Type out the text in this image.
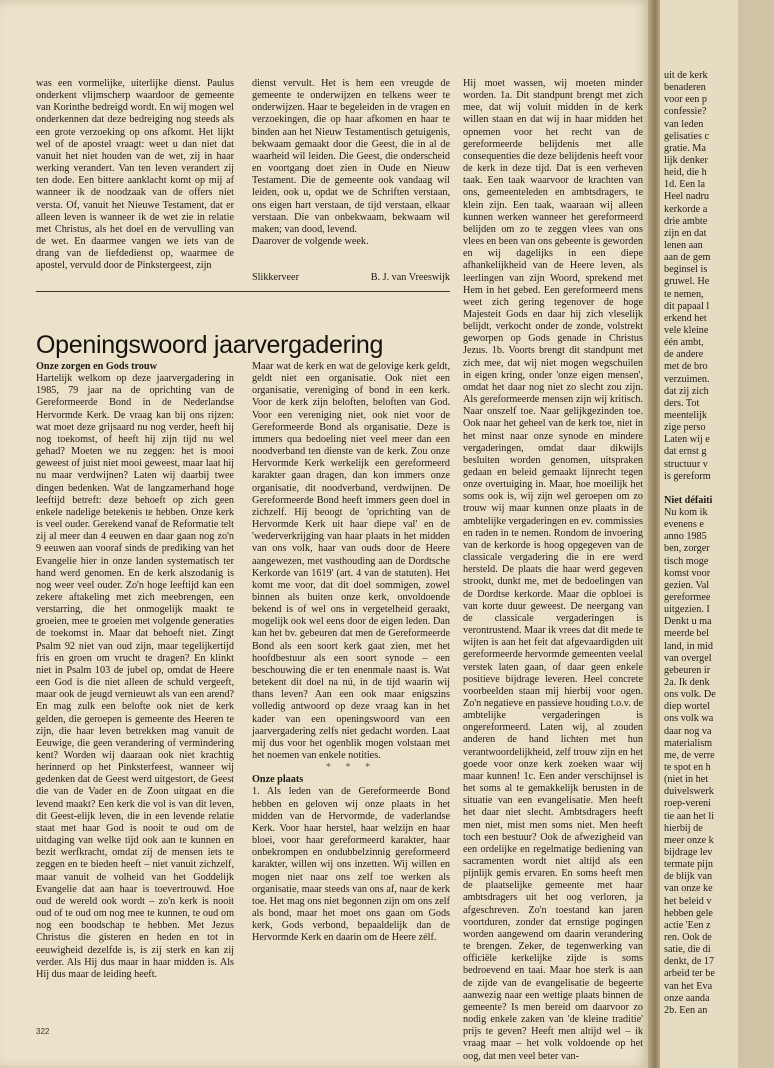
was een vormelijke, uiterlijke dienst. Paulus onderkent vlijmscherp waardoor de gemeente van Korinthe bedreigd wordt. En wij mogen wel onderkennen dat deze bedreiging nog steeds als een grote verzoeking op ons afkomt. Het lijkt wel of de apostel vraagt: weet u dan niet dat vanuit het niet houden van de wet, zij in haar werking verandert. Van ten leven verandert zij ten dode. Een bittere aanklacht komt op mij af wanneer ik de noodzaak van de offers niet versta. Of, vanuit het Nieuwe Testament, dat er alleen leven is wanneer ik de wet zie in relatie met Christus, als het doel en de vervulling van de wet. En daarmee vangen we iets van de drang van de liefdedienst op, waarmee de apostel, vervuld door de Pinkstergeest, zijn

dienst vervult. Het is hem een vreugde de gemeente te onderwijzen en telkens weer te onderwijzen. Haar te begeleiden in de vragen en verzoekingen, die op haar afkomen en haar te binden aan het Nieuw Testamentisch getuigenis, bekwaam gemaakt door die Geest, die in al de waarheid wil leiden. Die Geest, die onderscheid en voortgang doet zien in Oude en Nieuw Testament. Die de gemeente ook vandaag wil leiden, ook u, opdat we de Schriften verstaan, ons eigen hart verstaan, de tijd verstaan, elkaar verstaan. Die van onbekwaam, bekwaam wil maken; van dood, levend.

Daarover de volgende week.

Slikkerveer	B. J. van Vreeswijk
Openingswoord jaarvergadering

Onze zorgen en Gods trouw

Hartelijk welkom op deze jaarvergadering in 1985, 79 jaar na de oprichting van de Gereformeerde Bond in de Nederlandse Hervormde Kerk. De vraag kan bij ons rijzen: wat moet deze grijsaard nu nog verder, heeft hij nog toekomst, of heeft hij zijn tijd nu wel gehad? Moeten we nu zeggen: het is mooi geweest of juist niet mooi geweest, maar laat hij nu maar verdwijnen? Laten wij daarbij twee dingen bedenken. Wat de langzamerhand hoge leeftijd betreft: deze behoeft op zich geen enkele nadelige betekenis te hebben. Onze kerk is veel ouder. Gerekend vanaf de Reformatie telt zij al meer dan 4 eeuwen en daar gaan nog zo'n 9 eeuwen aan vooraf sinds de prediking van het Evangelie hier in onze landen systematisch ter hand werd genomen. En de kerk alszodanig is nog weer veel ouder. Zo'n hoge leeftijd kan een zekere aftakeling met zich meebrengen, een verstarring, die het onmogelijk maakt te groeien, mee te groeien met volgende generaties de toekomst in. Maar dat behoeft niet. Zingt Psalm 92 niet van oud zijn, maar tegelijkertijd fris en groen om vrucht te dragen? En klinkt niet in Psalm 103 de jubel op, omdat de Heere een God is die niet alleen de schuld vergeeft, maar ook de jeugd vernieuwt als van een arend? En mag zulk een belofte ook niet de kerk gelden, die geroepen is gemeente des Heeren te zijn, die haar leven betrekken mag vanuit de Eeuwige, die geen verandering of vermindering kent? Worden wij daaraan ook niet krachtig herinnerd op het Pinksterfeest, wanneer wij gedenken dat de Geest werd uitgestort, de Geest die van de Vader en de Zoon uitgaat en die levend maakt? Een kerk die vol is van dit leven, dit Geest-elijk leven, die in een levende relatie staat met haar God is nooit te oud om de uitdaging van welke tijd ook aan te kunnen en bezit werfkracht, omdat zij de mensen iets te zeggen en te bieden heeft – niet vanuit zichzelf, maar vanuit de volheid van het Goddelijk Evangelie dat aan haar is toevertrouwd. Hoe oud de wereld ook wordt – zo'n kerk is nooit oud of te oud om nog mee te kunnen, te oud om nog een boodschap te hebben. Met Jezus Christus die gisteren en heden en tot in eeuwigheid dezelfde is, is zij sterk en kan zij verder. Als Hij dus maar in haar midden is. Als Hij dus maar de leiding heeft.

Maar wat de kerk en wat de gelovige kerk geldt, geldt niet een organisatie. Ook niet een organisatie, vereniging of bond in een kerk. Voor de kerk zijn beloften, beloften van God. Voor een vereniging niet, ook niet voor de Gereformeerde Bond als organisatie. Deze is immers qua bedoeling niet veel meer dan een noodverband ten dienste van de kerk. Zou onze Hervormde Kerk werkelijk een gereformeerd karakter gaan dragen, dan kon immers onze organisatie, dit noodverband, verdwijnen. De Gereformeerde Bond heeft immers geen doel in zichzelf. Hij beoogt de 'oprichting van de Hervormde Kerk uit haar diepe val' en de 'wederverkrijging van haar plaats in het midden van ons volk, haar van ouds door de Heere aangewezen, met vasthouding aan de Dordtsche Kerkorde van 1619' (art. 4 van de statuten). Het komt me voor, dat dit doel sommigen, zowel binnen als buiten onze kerk, onvoldoende bekend is of wel ons in vergetelheid geraakt, mogelijk ook wel eens door de eigen leden. Dan kan het bv. gebeuren dat men de Gereformeerde Bond als een soort kerk gaat zien, met het hoofdbestuur als een soort synode – een beschouwing die er ten enenmale naast is. Wat betekent dit doel na nú, in de tijd waarin wij thans leven? Aan een ook maar enigszins volledig antwoord op deze vraag kan in het kader van een openingswoord van een jaarvergadering zelfs niet gedacht worden. Laat mij dus voor het ogenblik mogen volstaan met het noemen van enkele notities.

* * *

Onze plaats

1. Als leden van de Gereformeerde Bond hebben en geloven wij onze plaats in het midden van de Hervormde, de vaderlandse Kerk. Voor haar herstel, haar welzijn en haar bloei, voor haar gereformeerd karakter, haar onbekrompen en ondubbelzinnig gereformeerd karakter, willen wij ons inzetten. Wij willen en mogen niet naar ons zelf toe werken als organisatie, maar steeds van ons af, naar de kerk toe. Het mag ons niet begonnen zijn om ons zelf als bond, maar het moet ons gaan om Gods kerk, Gods verbond, bepaaldelijk dan de Hervormde Kerk en daarin om de Heere zélf.

Hij moet wassen, wij moeten minder worden. 1a. Dit standpunt brengt met zich mee, dat wij voluit midden in de kerk willen staan en dat wij in haar midden het opnemen voor het recht van de gereformeerde belijdenis met alle consequenties die deze belijdenis heeft voor de kerk in deze tijd. Dat is een verheven taak. Een taak waarvoor de krachten van ons, gemeenteleden en ambtsdragers, te klein zijn. Een taak, waaraan wij alleen kunnen werken wanneer het gereformeerd belijden om zo te zeggen vlees van ons vlees en been van ons gebeente is geworden en wij dagelijks in een diepe afhankelijkheid van de Heere leven, als leerlingen van zijn Woord, sprekend met Hem in het gebed. Een gereformeerd mens weet zich gering tegenover de hoge Majesteit Gods en daar hij zich vleselijk belijdt, verkocht onder de zonde, volstrekt geworpen op Gods genade in Christus Jezus. 1b. Voorts brengt dit standpunt met zich mee, dat wij niet mogen wegschuilen in eigen kring, onder 'onze eigen mensen', omdat het daar nog niet zo slecht zou zijn. Als gereformeerde mensen zijn wij kritisch. Naar onszelf toe. Naar gelijkgezinden toe. Ook naar het geheel van de kerk toe, niet in het minst naar onze synode en mindere vergaderingen, omdat daar dikwijls besluiten worden genomen, uitspraken gedaan en beleid gemaakt lijnrecht tegen onze overtuiging in. Maar, hoe moeilijk het soms ook is, wij zijn wel geroepen om zo trouw wij maar kunnen onze plaats in de ambtelijke vergaderingen en ev. commissies en raden in te nemen. Rondom de invoering van de kerkorde is hoog opgegeven van de classicale vergadering die in ere werd hersteld. De plaats die haar werd gegeven strookt, dunkt me, met de bedoelingen van de Dordtse kerkorde. Maar die opbloei is van korte duur geweest. De neergang van de classicale vergaderingen is verontrustend. Maar ik vrees dat dit mede te wijten is aan het feit dat afgevaardigden uit gereformeerde hervormde gemeenten veelal verstek laten gaan, of daar geen enkele positieve bijdrage leveren. Heel concrete voorbeelden staan mij hierbij voor ogen. Zo'n negatieve en passieve houding t.o.v. de ambtelijke vergaderingen is ongereformeerd. Laten wij, al zouden anderen de hand lichten met hun verantwoordelijkheid, zelf trouw zijn en het goede voor onze kerk zoeken waar wij maar kunnen! 1c. Een ander verschijnsel is het soms al te gemakkelijk berusten in de situatie van een evangelisatie. Men heeft het daar niet slecht. Ambtsdragers heeft men niet, mist men soms niet. Men heeft toch een bestuur? Ook de afwezigheid van een ordelijke en regelmatige bediening van sacramenten wordt niet altijd als een pijnlijk gemis ervaren. En soms heeft men de plaatselijke gemeente met haar ambtsdragers uit het oog verloren, ja afgeschreven. Zo'n toestand kan jaren voortduren, zonder dat ernstige pogingen worden aangewend om daarin verandering te brengen. Zeker, de tegenwerking van officiële kerkelijke zijde is soms bedroevend en taai. Maar hoe sterk is aan de zijde van de evangelisatie de begeerte aanwezig naar een wettige plaats binnen de gemeente? Is men bereid om daarvoor zo nodig enkele zaken van 'de kleine traditie' prijs te geven? Heeft men altijd wel – ik vraag maar – het volk voldoende op het oog, dat men veel beter van-

322
uit de kerk
benaderen
voor een p
confessie?
van leden
gelisaties c
gratie. Ma
lijk denker
heid, die h
1d. Een la
Heel nadru
kerkorde a
drie ambte
zijn en dat
lenen aan
aan de gem
beginsel is
gruwel. He
te nemen,
dit papaal l
erkend het
vele kleine
één ambt,
de andere
met de bro
verzuimen.
dat zij zich
ders. Tot
meentelijk
zige perso
Laten wij e
dat ernst g
structuur v
is gereform
Niet défaiti
Nu kom ik
evenens e
anno 1985
ben, zorger
tisch moge
komst voor
gezien. Val
gereformee
uitgezien. I
Denkt u ma
meerde bel
land, in mid
van overgel
gebeuren ir
2a. Ik denk
ons volk. De
diep wortel
ons volk wa
daar nog va
materialism
me, de verre
te spot en h
(niet in het
duivelswerk
roep-vereni
tie aan het li
hierbij de
meer onze k
bijdrage lev
termate pijn
de blijk van
van onze ke
het beleid v
hebben gele
actie 'Een z
ren. Ook de
satie, die di
denkt, de 17
arbeid ter be
van het Eva
onze aanda
2b. Een an
